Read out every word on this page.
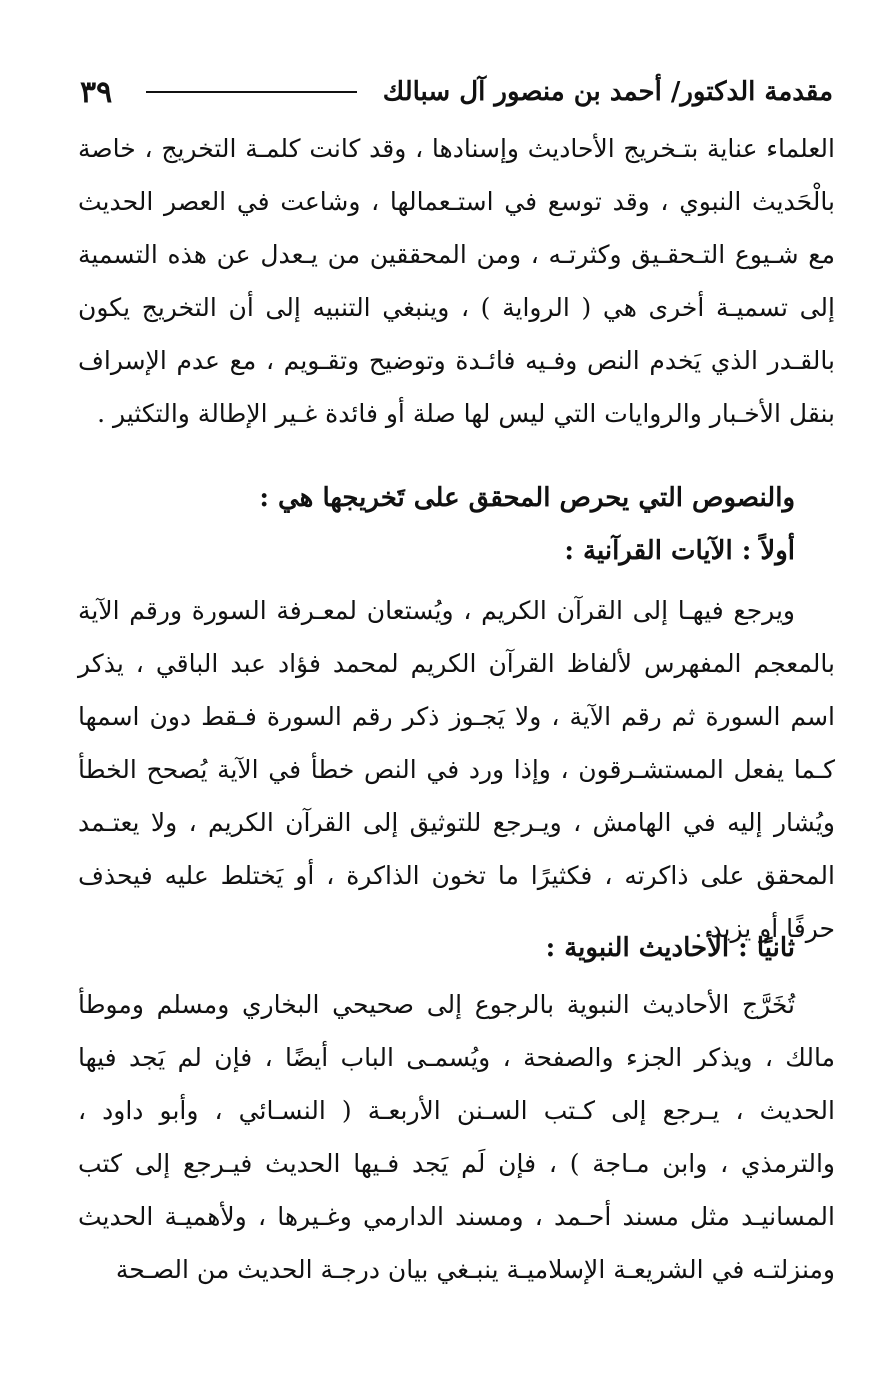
مقدمة الدكتور/ أحمد بن منصور آل سبالك
٣٩

العلماء عناية بتـخريج الأحاديث وإسنادها ، وقد كانت كلمـة التخريج ، خاصة بالْحَديث النبوي ، وقد توسع في استـعمالها ، وشاعت في العصر الحديث مع شـيوع التـحقـيق وكثرتـه ، ومن المحققين من يـعدل عن هذه التسمية إلى تسميـة أخرى هي ( الرواية ) ، وينبغي التنبيه إلى أن التخريج يكون بالقـدر الذي يَخدم النص وفـيه فائـدة وتوضيح وتقـويم ، مع عدم الإسراف بنقل الأخـبار والروايات التي ليس لها صلة أو فائدة غـير الإطالة والتكثير .

والنصوص التي يحرص المحقق على تَخريجها هي :

أولاً : الآيات القرآنية :

ويرجع فيهـا إلى القرآن الكريم ، ويُستعان لمعـرفة السورة ورقم الآية بالمعجم المفهرس لألفاظ القرآن الكريم لمحمد فؤاد عبد الباقي ، يذكر اسم السورة ثم رقم الآية ، ولا يَجـوز ذكر رقم السورة فـقط دون اسمها كـما يفعل المستشـرقون ، وإذا ورد في النص خطأ في الآية يُصحح الخطأ ويُشار إليه في الهامش ، ويـرجع للتوثيق إلى القرآن الكريم ، ولا يعتـمد المحقق على ذاكرته ، فكثيرًا ما تخون الذاكرة ، أو يَختلط عليه فيحذف حرفًا أو يزيد .

ثانيًا : الأحاديث النبوية :

تُخَرَّج الأحاديث النبوية بالرجوع إلى صحيحي البخاري ومسلم وموطأ مالك ، ويذكر الجزء والصفحة ، ويُسمـى الباب أيضًا ، فإن لم يَجد فيها الحديث ، يـرجع إلى كـتب السـنن الأربعـة ( النسـائي ، وأبو داود ، والترمذي ، وابن مـاجة ) ، فإن لَم يَجد فـيها الحديث فيـرجع إلى كتب المسانيـد مثل مسند أحـمد ، ومسند الدارمي وغـيرها ، ولأهميـة الحديث ومنزلتـه في الشريعـة الإسلاميـة ينبـغي بيان درجـة الحديث من الصـحة
